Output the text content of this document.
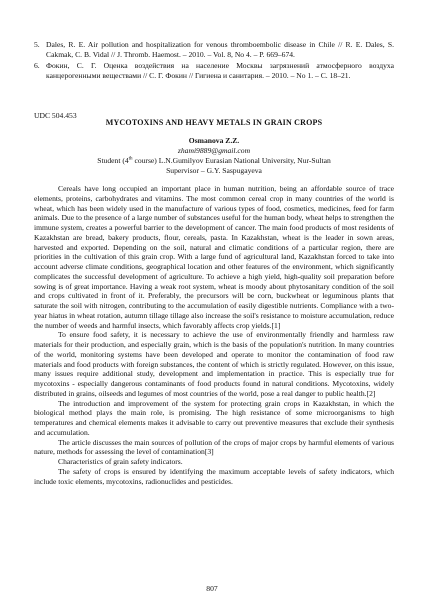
5. Dales, R. E. Air pollution and hospitalization for venous thromboembolic disease in Chile // R. E. Dales, S. Cakmak, C. B. Vidal // J. Thromb. Haemost. – 2010. – Vol. 8, No 4. – P. 669–674.
6. Фокин, С. Г. Оценка воздействия на население Москвы загрязнений атмосферного воздуха канцерогенными веществами // С. Г. Фокин // Гигиена и санитария. – 2010. – No 1. – С. 18–21.
UDC 504.453
MYCOTOXINS AND HEAVY METALS IN GRAIN CROPS
Osmanova Z.Z.
zhami9889@gmail.com
Student (4th course) L.N.Gumilyov Eurasian National University, Nur-Sultan
Supervisor – G.Y. Saspugayeva

Cereals have long occupied an important place in human nutrition, being an affordable source of trace elements, proteins, carbohydrates and vitamins. The most common cereal crop in many countries of the world is wheat, which has been widely used in the manufacture of various types of food, cosmetics, medicines, feed for farm animals. Due to the presence of a large number of substances useful for the human body, wheat helps to strengthen the immune system, creates a powerful barrier to the development of cancer. The main food products of most residents of Kazakhstan are bread, bakery products, flour, cereals, pasta. In Kazakhstan, wheat is the leader in sown areas, harvested and exported. Depending on the soil, natural and climatic conditions of a particular region, there are priorities in the cultivation of this grain crop. With a large fund of agricultural land, Kazakhstan forced to take into account adverse climate conditions, geographical location and other features of the environment, which significantly complicates the successful development of agriculture. To achieve a high yield, high-quality soil preparation before sowing is of great importance. Having a weak root system, wheat is moody about phytosanitary condition of the soil and crops cultivated in front of it. Preferably, the precursors will be corn, buckwheat or leguminous plants that saturate the soil with nitrogen, contributing to the accumulation of easily digestible nutrients. Compliance with a two-year hiatus in wheat rotation, autumn tillage tillage also increase the soil's resistance to moisture accumulation, reduce the number of weeds and harmful insects, which favorably affects crop yields.[1]

To ensure food safety, it is necessary to achieve the use of environmentally friendly and harmless raw materials for their production, and especially grain, which is the basis of the population's nutrition. In many countries of the world, monitoring systems have been developed and operate to monitor the contamination of food raw materials and food products with foreign substances, the content of which is strictly regulated. However, on this issue, many issues require additional study, development and implementation in practice. This is especially true for mycotoxins - especially dangerous contaminants of food products found in natural conditions. Mycotoxins, widely distributed in grains, oilseeds and legumes of most countries of the world, pose a real danger to public health.[2]

The introduction and improvement of the system for protecting grain crops in Kazakhstan, in which the biological method plays the main role, is promising. The high resistance of some microorganisms to high temperatures and chemical elements makes it advisable to carry out preventive measures that exclude their synthesis and accumulation.

The article discusses the main sources of pollution of the crops of major crops by harmful elements of various nature, methods for assessing the level of contamination[3]

Characteristics of grain safety indicators.

The safety of crops is ensured by identifying the maximum acceptable levels of safety indicators, which include toxic elements, mycotoxins, radionuclides and pesticides.

807
